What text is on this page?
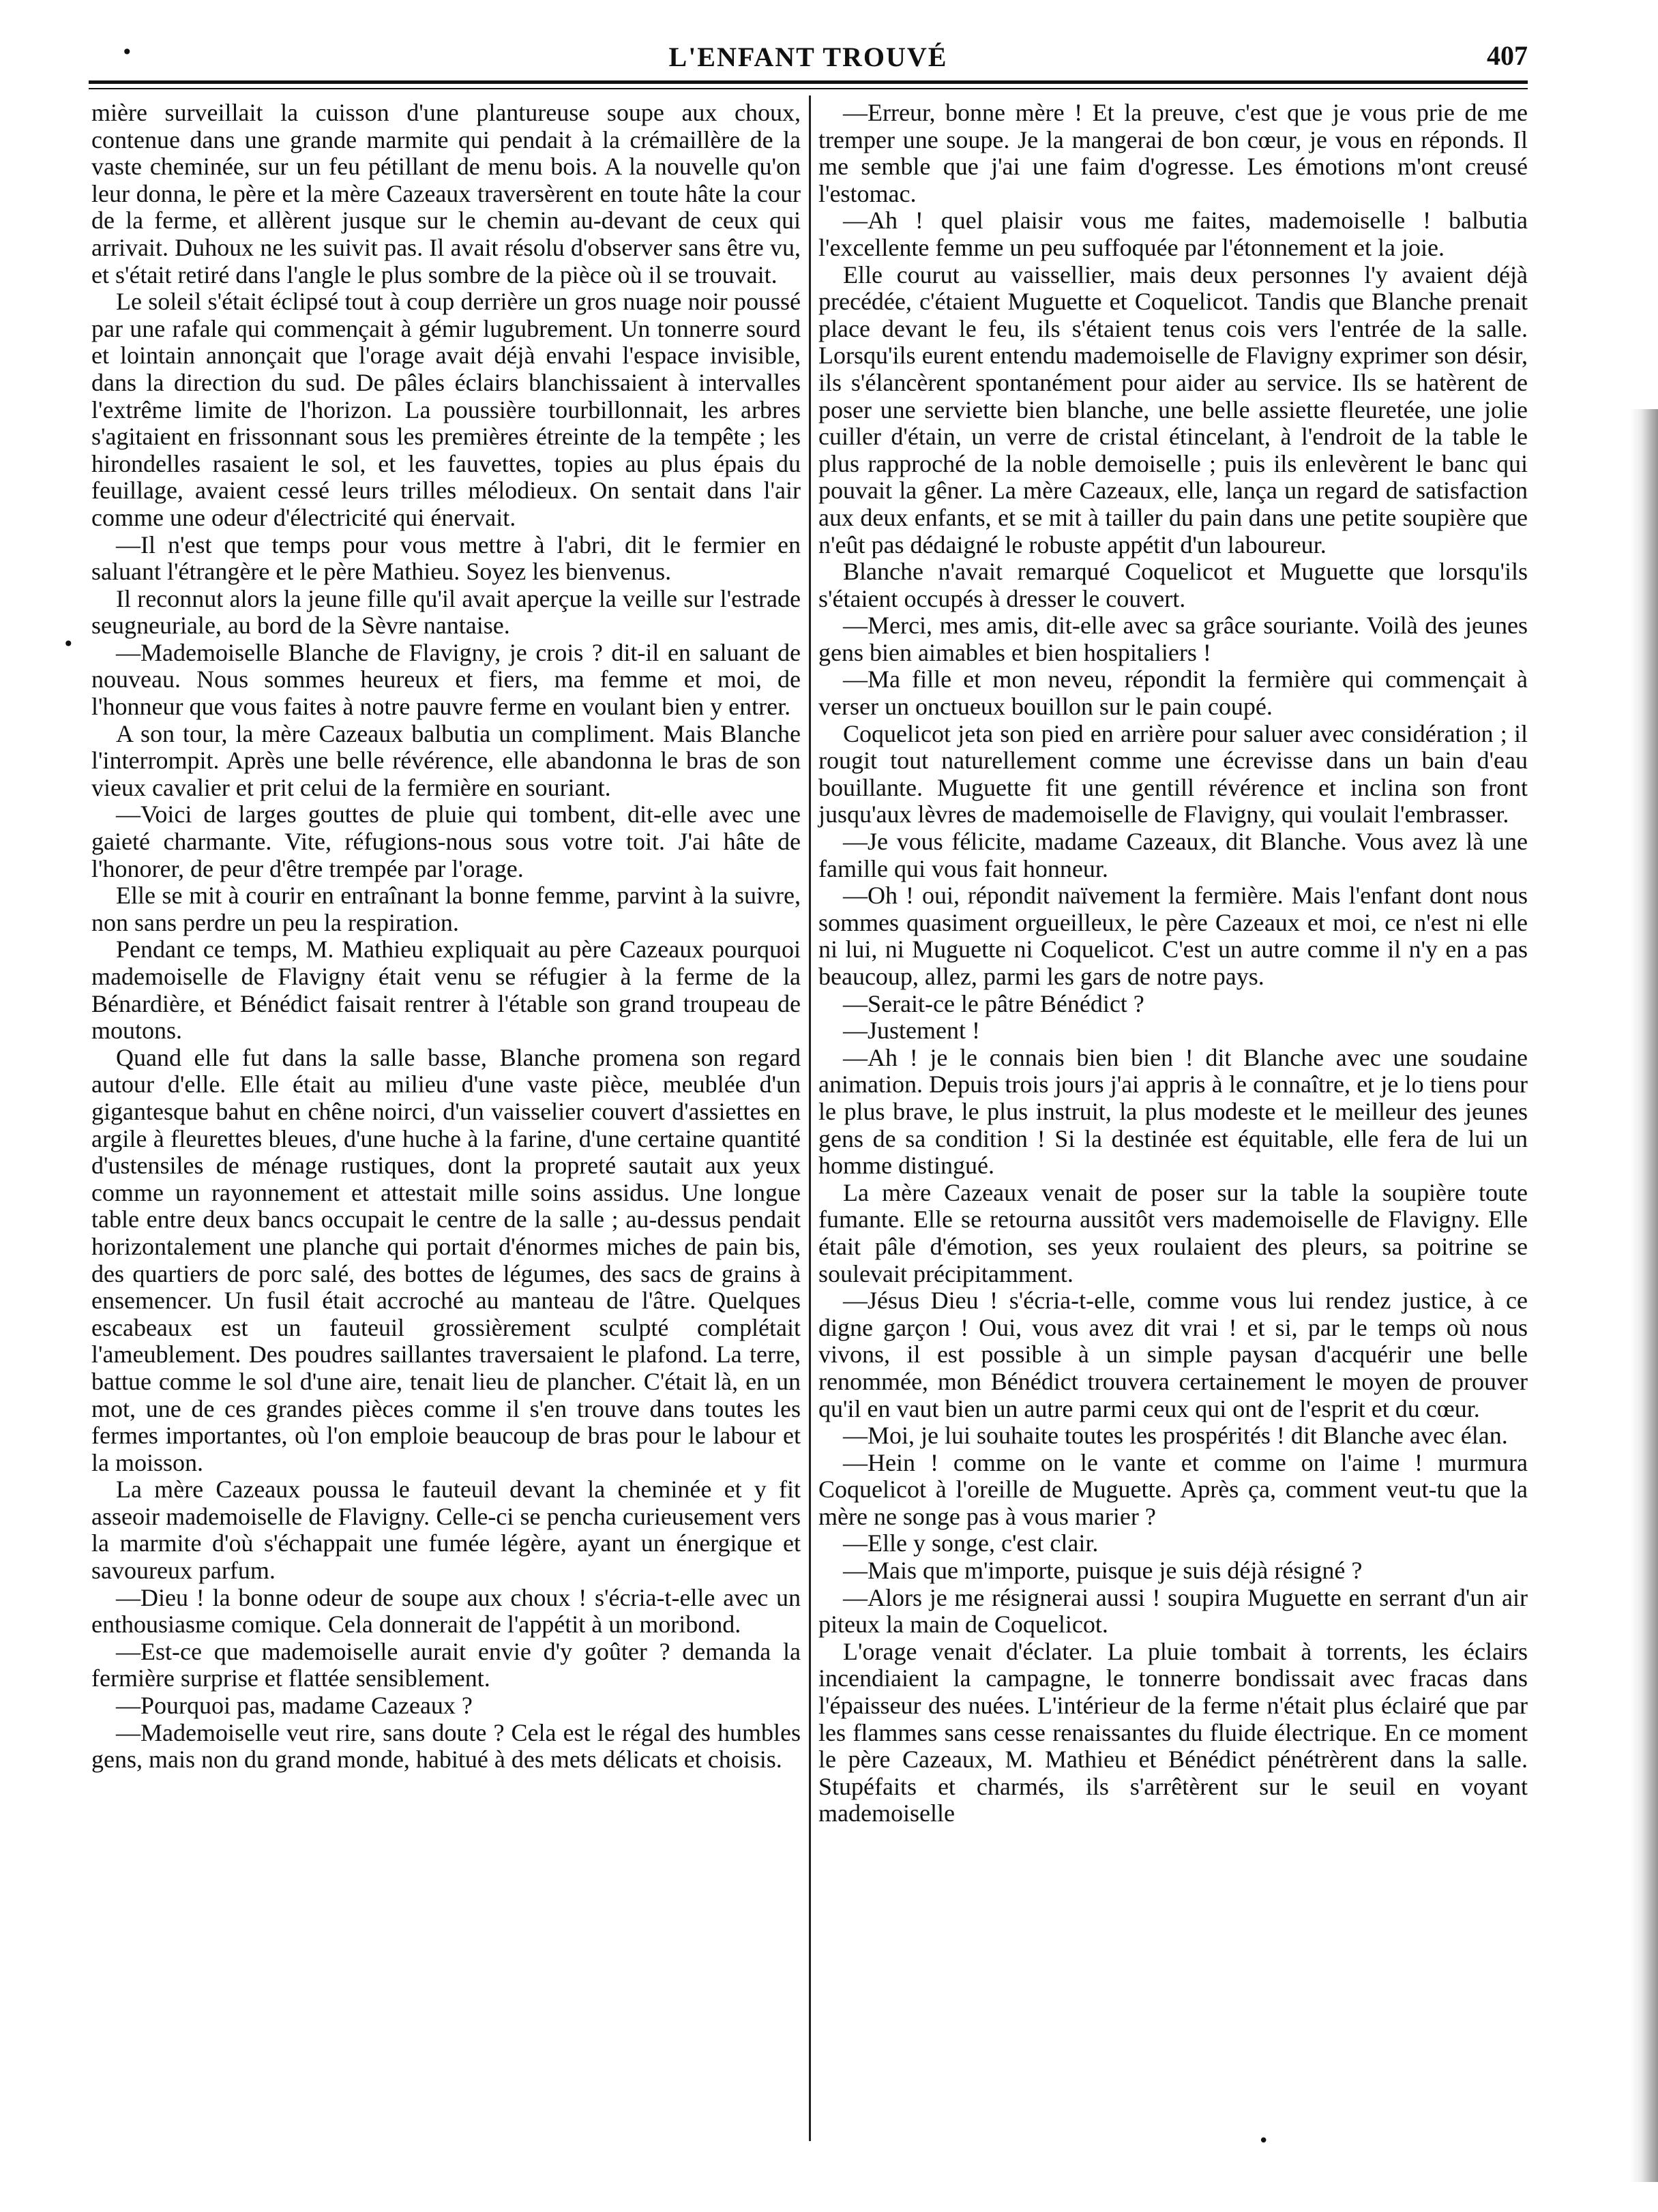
•	L'ENFANT TROUVÉ	407
•

mière surveillait la cuisson d'une plantureuse soupe aux choux, contenue dans une grande marmite qui pendait à la crémaillère de la vaste cheminée, sur un feu pétillant de menu bois. A la nouvelle qu'on leur donna, le père et la mère Cazeaux traversèrent en toute hâte la cour de la ferme, et allèrent jusque sur le chemin au-devant de ceux qui arrivait. Duhoux ne les suivit pas. Il avait résolu d'observer sans être vu, et s'était retiré dans l'angle le plus sombre de la pièce où il se trouvait.

Le soleil s'était éclipsé tout à coup derrière un gros nuage noir poussé par une rafale qui commençait à gémir lugubrement. Un tonnerre sourd et lointain annonçait que l'orage avait déjà envahi l'espace invisible, dans la direction du sud. De pâles éclairs blanchissaient à intervalles l'extrême limite de l'horizon. La poussière tourbillonnait, les arbres s'agitaient en frissonnant sous les premières étreinte de la tempête ; les hirondelles rasaient le sol, et les fauvettes, topies au plus épais du feuillage, avaient cessé leurs trilles mélodieux. On sentait dans l'air comme une odeur d'électricité qui énervait.

—Il n'est que temps pour vous mettre à l'abri, dit le fermier en saluant l'étrangère et le père Mathieu. Soyez les bienvenus.

Il reconnut alors la jeune fille qu'il avait aperçue la veille sur l'estrade seugneuriale, au bord de la Sèvre nantaise.

—Mademoiselle Blanche de Flavigny, je crois ? dit-il en saluant de nouveau. Nous sommes heureux et fiers, ma femme et moi, de l'honneur que vous faites à notre pauvre ferme en voulant bien y entrer.

A son tour, la mère Cazeaux balbutia un compliment. Mais Blanche l'interrompit. Après une belle révérence, elle abandonna le bras de son vieux cavalier et prit celui de la fermière en souriant.

—Voici de larges gouttes de pluie qui tombent, dit-elle avec une gaieté charmante. Vite, réfugions-nous sous votre toit. J'ai hâte de l'honorer, de peur d'être trempée par l'orage.

Elle se mit à courir en entraînant la bonne femme, parvint à la suivre, non sans perdre un peu la respiration.

Pendant ce temps, M. Mathieu expliquait au père Cazeaux pourquoi mademoiselle de Flavigny était venu se réfugier à la ferme de la Bénardière, et Bénédict faisait rentrer à l'étable son grand troupeau de moutons.

Quand elle fut dans la salle basse, Blanche promena son regard autour d'elle. Elle était au milieu d'une vaste pièce, meublée d'un gigantesque bahut en chêne noirci, d'un vaisselier couvert d'assiettes en argile à fleurettes bleues, d'une huche à la farine, d'une certaine quantité d'ustensiles de ménage rustiques, dont la propreté sautait aux yeux comme un rayonnement et attestait mille soins assidus. Une longue table entre deux bancs occupait le centre de la salle ; au-dessus pendait horizontalement une planche qui portait d'énormes miches de pain bis, des quartiers de porc salé, des bottes de légumes, des sacs de grains à ensemencer. Un fusil était accroché au manteau de l'âtre. Quelques escabeaux est un fauteuil grossièrement sculpté complétait l'ameublement. Des poudres saillantes traversaient le plafond. La terre, battue comme le sol d'une aire, tenait lieu de plancher. C'était là, en un mot, une de ces grandes pièces comme il s'en trouve dans toutes les fermes importantes, où l'on emploie beaucoup de bras pour le labour et la moisson.

La mère Cazeaux poussa le fauteuil devant la cheminée et y fit asseoir mademoiselle de Flavigny. Celle-ci se pencha curieusement vers la marmite d'où s'échappait une fumée légère, ayant un énergique et savoureux parfum.

—Dieu ! la bonne odeur de soupe aux choux ! s'écria-t-elle avec un enthousiasme comique. Cela donnerait de l'appétit à un moribond.

—Est-ce que mademoiselle aurait envie d'y goûter ? demanda la fermière surprise et flattée sensiblement.

—Pourquoi pas, madame Cazeaux ?

—Mademoiselle veut rire, sans doute ? Cela est le régal des humbles gens, mais non du grand monde, habitué à des mets délicats et choisis.

—Erreur, bonne mère ! Et la preuve, c'est que je vous prie de me tremper une soupe. Je la mangerai de bon cœur, je vous en réponds. Il me semble que j'ai une faim d'ogresse. Les émotions m'ont creusé l'estomac.

—Ah ! quel plaisir vous me faites, mademoiselle ! balbutia l'excellente femme un peu suffoquée par l'étonnement et la joie.

Elle courut au vaissellier, mais deux personnes l'y avaient déjà precédée, c'étaient Muguette et Coquelicot. Tandis que Blanche prenait place devant le feu, ils s'étaient tenus cois vers l'entrée de la salle. Lorsqu'ils eurent entendu mademoiselle de Flavigny exprimer son désir, ils s'élancèrent spontanément pour aider au service. Ils se hatèrent de poser une serviette bien blanche, une belle assiette fleuretée, une jolie cuiller d'étain, un verre de cristal étincelant, à l'endroit de la table le plus rapproché de la noble demoiselle ; puis ils enlevèrent le banc qui pouvait la gêner. La mère Cazeaux, elle, lança un regard de satisfaction aux deux enfants, et se mit à tailler du pain dans une petite soupière que n'eût pas dédaigné le robuste appétit d'un laboureur.

Blanche n'avait remarqué Coquelicot et Muguette que lorsqu'ils s'étaient occupés à dresser le couvert.

—Merci, mes amis, dit-elle avec sa grâce souriante. Voilà des jeunes gens bien aimables et bien hospitaliers !

—Ma fille et mon neveu, répondit la fermière qui commençait à verser un onctueux bouillon sur le pain coupé.

Coquelicot jeta son pied en arrière pour saluer avec considération ; il rougit tout naturellement comme une écrevisse dans un bain d'eau bouillante. Muguette fit une gentill révérence et inclina son front jusqu'aux lèvres de mademoiselle de Flavigny, qui voulait l'embrasser.

—Je vous félicite, madame Cazeaux, dit Blanche. Vous avez là une famille qui vous fait honneur.

—Oh ! oui, répondit naïvement la fermière. Mais l'enfant dont nous sommes quasiment orgueilleux, le père Cazeaux et moi, ce n'est ni elle ni lui, ni Muguette ni Coquelicot. C'est un autre comme il n'y en a pas beaucoup, allez, parmi les gars de notre pays.

—Serait-ce le pâtre Bénédict ?

—Justement !

—Ah ! je le connais bien bien ! dit Blanche avec une soudaine animation. Depuis trois jours j'ai appris à le connaître, et je lo tiens pour le plus brave, le plus instruit, la plus modeste et le meilleur des jeunes gens de sa condition ! Si la destinée est équitable, elle fera de lui un homme distingué.

La mère Cazeaux venait de poser sur la table la soupière toute fumante. Elle se retourna aussitôt vers mademoiselle de Flavigny. Elle était pâle d'émotion, ses yeux roulaient des pleurs, sa poitrine se soulevait précipitamment.

—Jésus Dieu ! s'écria-t-elle, comme vous lui rendez justice, à ce digne garçon ! Oui, vous avez dit vrai ! et si, par le temps où nous vivons, il est possible à un simple paysan d'acquérir une belle renommée, mon Bénédict trouvera certainement le moyen de prouver qu'il en vaut bien un autre parmi ceux qui ont de l'esprit et du cœur.

—Moi, je lui souhaite toutes les prospérités ! dit Blanche avec élan.

—Hein ! comme on le vante et comme on l'aime ! murmura Coquelicot à l'oreille de Muguette. Après ça, comment veut-tu que la mère ne songe pas à vous marier ?

—Elle y songe, c'est clair.

—Mais que m'importe, puisque je suis déjà résigné ?

—Alors je me résignerai aussi ! soupira Muguette en serrant d'un air piteux la main de Coquelicot.

L'orage venait d'éclater. La pluie tombait à torrents, les éclairs incendiaient la campagne, le tonnerre bondissait avec fracas dans l'épaisseur des nuées. L'intérieur de la ferme n'était plus éclairé que par les flammes sans cesse renaissantes du fluide électrique. En ce moment le père Cazeaux, M. Mathieu et Bénédict pénétrèrent dans la salle. Stupéfaits et charmés, ils s'arrêtèrent sur le seuil en voyant mademoiselle

•
